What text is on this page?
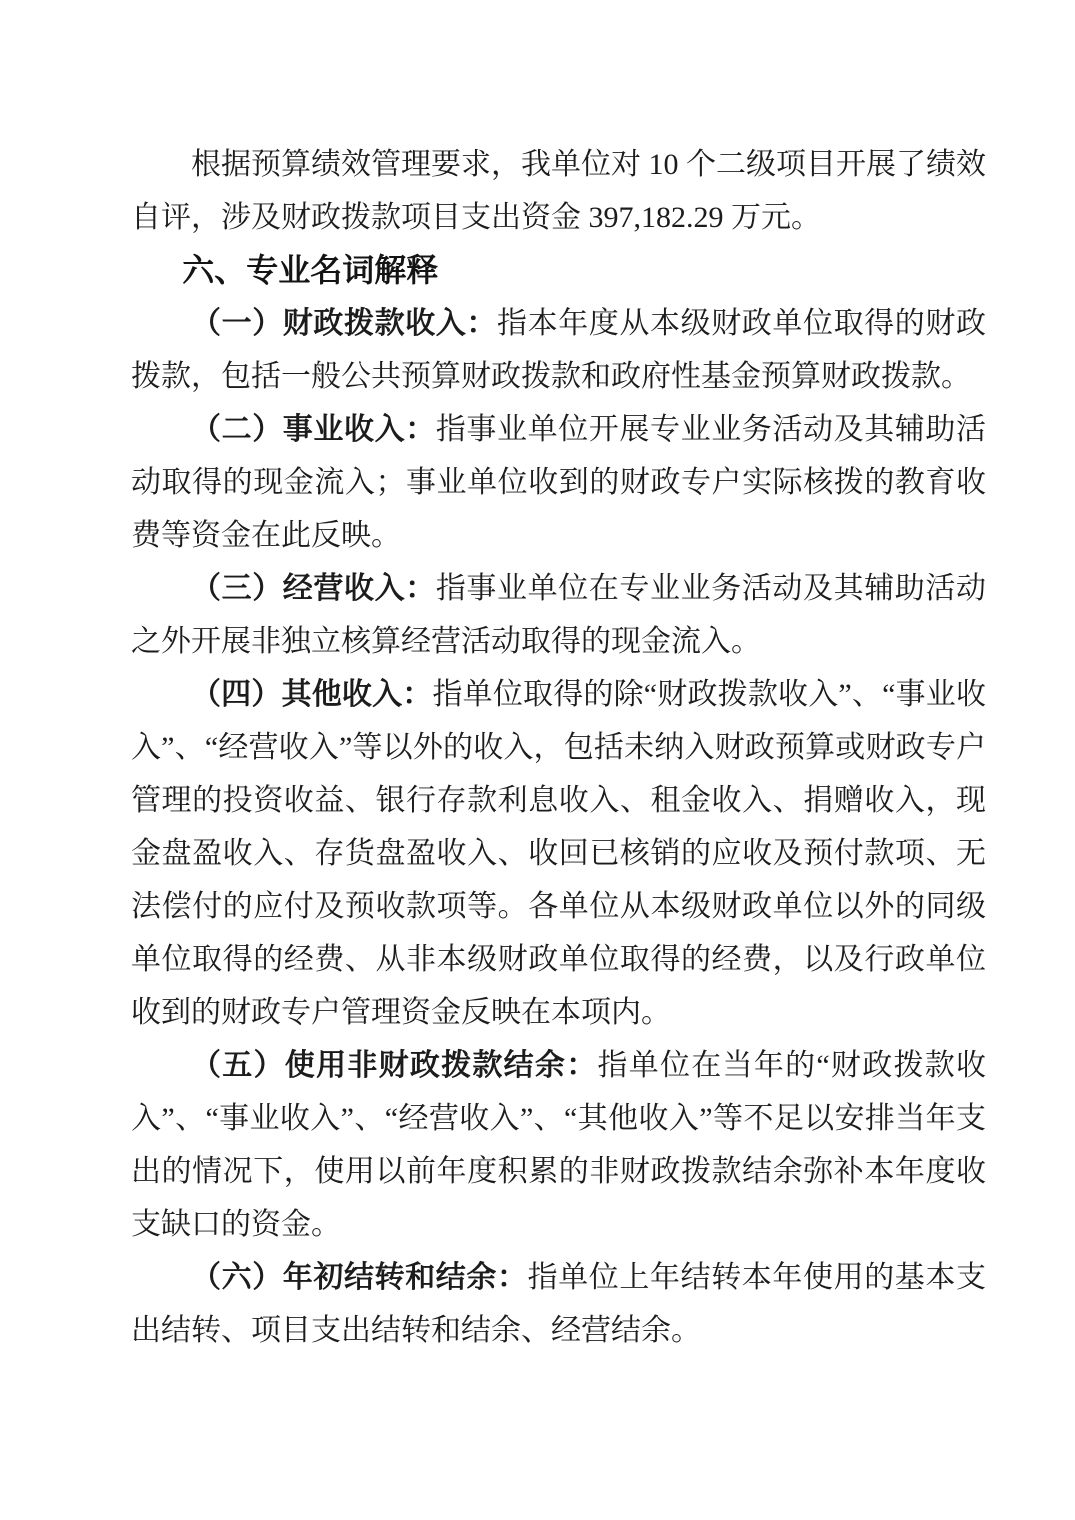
根据预算绩效管理要求，我单位对 10 个二级项目开展了绩效自评，涉及财政拨款项目支出资金 397,182.29 万元。

六、专业名词解释

（一）财政拨款收入：指本年度从本级财政单位取得的财政拨款，包括一般公共预算财政拨款和政府性基金预算财政拨款。

（二）事业收入：指事业单位开展专业业务活动及其辅助活动取得的现金流入；事业单位收到的财政专户实际核拨的教育收费等资金在此反映。

（三）经营收入：指事业单位在专业业务活动及其辅助活动之外开展非独立核算经营活动取得的现金流入。

（四）其他收入：指单位取得的除“财政拨款收入”、“事业收入”、“经营收入”等以外的收入，包括未纳入财政预算或财政专户管理的投资收益、银行存款利息收入、租金收入、捐赠收入，现金盘盈收入、存货盘盈收入、收回已核销的应收及预付款项、无法偿付的应付及预收款项等。各单位从本级财政单位以外的同级单位取得的经费、从非本级财政单位取得的经费，以及行政单位收到的财政专户管理资金反映在本项内。

（五）使用非财政拨款结余：指单位在当年的“财政拨款收入”、“事业收入”、“经营收入”、“其他收入”等不足以安排当年支出的情况下，使用以前年度积累的非财政拨款结余弥补本年度收支缺口的资金。

（六）年初结转和结余：指单位上年结转本年使用的基本支出结转、项目支出结转和结余、经营结余。
